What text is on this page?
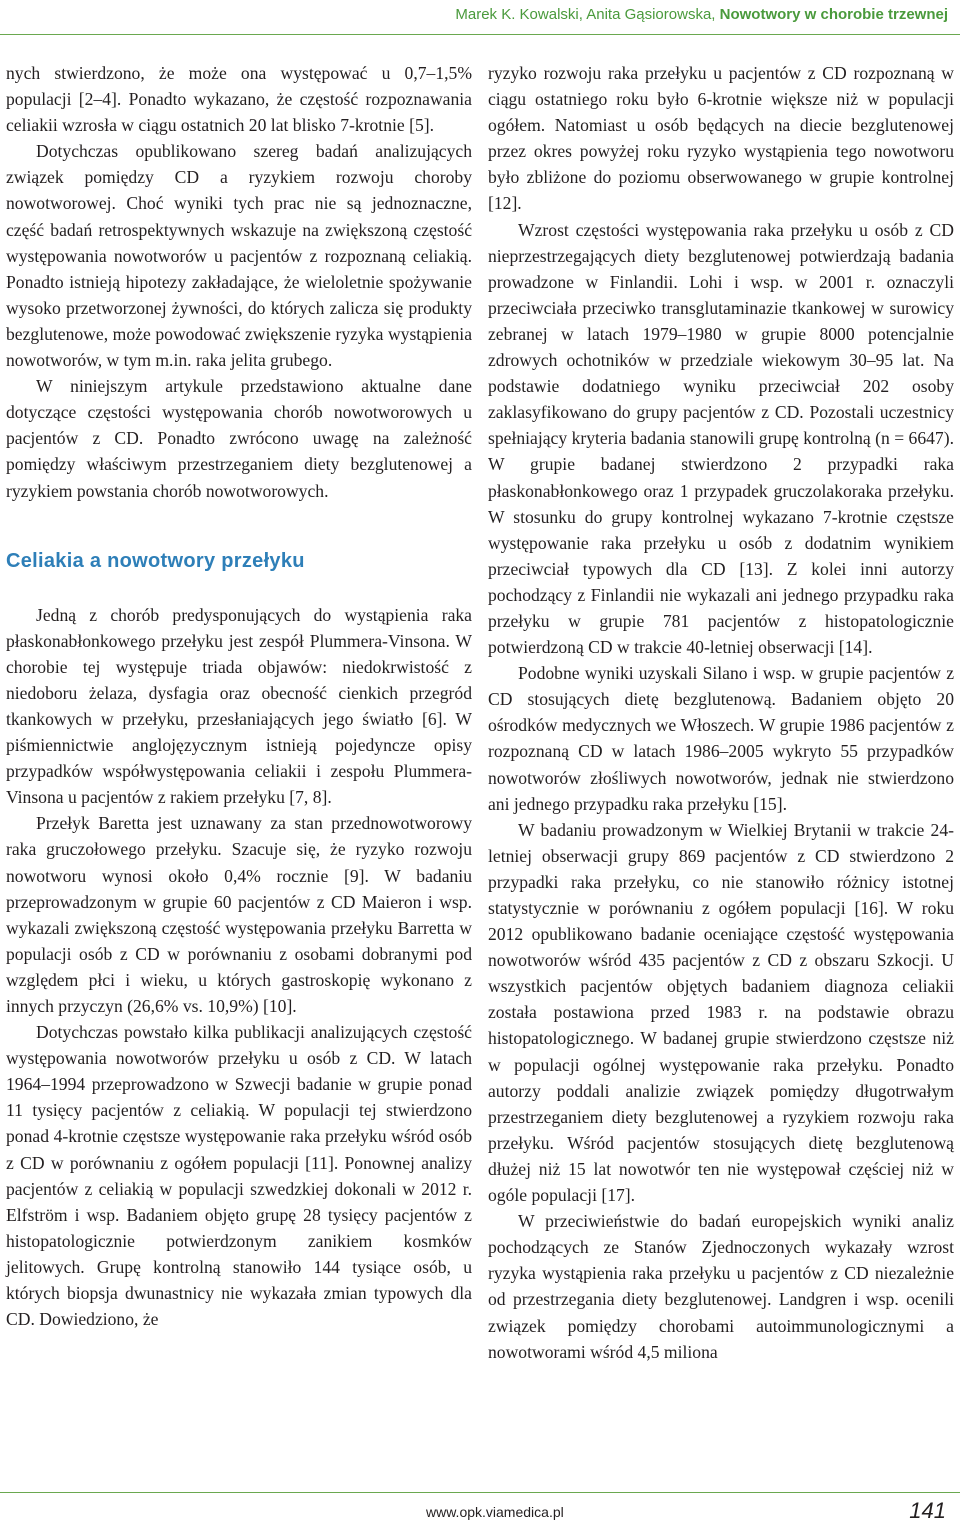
Marek K. Kowalski, Anita Gąsiorowska, Nowotwory w chorobie trzewnej

nych stwierdzono, że może ona występować u 0,7–1,5% populacji [2–4]. Ponadto wykazano, że częstość rozpoznawania celiakii wzrosła w ciągu ostatnich 20 lat blisko 7-krotnie [5].

Dotychczas opublikowano szereg badań analizujących związek pomiędzy CD a ryzykiem rozwoju choroby nowotworowej. Choć wyniki tych prac nie są jednoznaczne, część badań retrospektywnych wskazuje na zwiększoną częstość występowania nowotworów u pacjentów z rozpoznaną celiakią. Ponadto istnieją hipotezy zakładające, że wieloletnie spożywanie wysoko przetworzonej żywności, do których zalicza się produkty bezglutenowe, może powodować zwiększenie ryzyka wystąpienia nowotworów, w tym m.in. raka jelita grubego.

W niniejszym artykule przedstawiono aktualne dane dotyczące częstości występowania chorób nowotworowych u pacjentów z CD. Ponadto zwrócono uwagę na zależność pomiędzy właściwym przestrzeganiem diety bezglutenowej a ryzykiem powstania chorób nowotworowych.

Celiakia a nowotwory przełyku

Jedną z chorób predysponujących do wystąpienia raka płaskonabłonkowego przełyku jest zespół Plummera-Vinsona. W chorobie tej występuje triada objawów: niedokrwistość z niedoboru żelaza, dysfagia oraz obecność cienkich przegród tkankowych w przełyku, przesłaniających jego światło [6]. W piśmiennictwie anglojęzycznym istnieją pojedyncze opisy przypadków współwystępowania celiakii i zespołu Plummera-Vinsona u pacjentów z rakiem przełyku [7, 8].

Przełyk Baretta jest uznawany za stan przednowotworowy raka gruczołowego przełyku. Szacuje się, że ryzyko rozwoju nowotworu wynosi około 0,4% rocznie [9]. W badaniu przeprowadzonym w grupie 60 pacjentów z CD Maieron i wsp. wykazali zwiększoną częstość występowania przełyku Barretta w populacji osób z CD w porównaniu z osobami dobranymi pod względem płci i wieku, u których gastroskopię wykonano z innych przyczyn (26,6% vs. 10,9%) [10].

Dotychczas powstało kilka publikacji analizujących częstość występowania nowotworów przełyku u osób z CD. W latach 1964–1994 przeprowadzono w Szwecji badanie w grupie ponad 11 tysięcy pacjentów z celiakią. W populacji tej stwierdzono ponad 4-krotnie częstsze występowanie raka przełyku wśród osób z CD w porównaniu z ogółem populacji [11]. Ponownej analizy pacjentów z celiakią w populacji szwedzkiej dokonali w 2012 r. Elfström i wsp. Badaniem objęto grupę 28 tysięcy pacjentów z histopatologicznie potwierdzonym zanikiem kosmków jelitowych. Grupę kontrolną stanowiło 144 tysiące osób, u których biopsja dwunastnicy nie wykazała zmian typowych dla CD. Dowiedziono, że

ryzyko rozwoju raka przełyku u pacjentów z CD rozpoznaną w ciągu ostatniego roku było 6-krotnie większe niż w populacji ogółem. Natomiast u osób będących na diecie bezglutenowej przez okres powyżej roku ryzyko wystąpienia tego nowotworu było zbliżone do poziomu obserwowanego w grupie kontrolnej [12].

Wzrost częstości występowania raka przełyku u osób z CD nieprzestrzegających diety bezglutenowej potwierdzają badania prowadzone w Finlandii. Lohi i wsp. w 2001 r. oznaczyli przeciwciała przeciwko transglutaminazie tkankowej w surowicy zebranej w latach 1979–1980 w grupie 8000 potencjalnie zdrowych ochotników w przedziale wiekowym 30–95 lat. Na podstawie dodatniego wyniku przeciwciał 202 osoby zaklasyfikowano do grupy pacjentów z CD. Pozostali uczestnicy spełniający kryteria badania stanowili grupę kontrolną (n = 6647). W grupie badanej stwierdzono 2 przypadki raka płaskonabłonkowego oraz 1 przypadek gruczolakoraka przełyku. W stosunku do grupy kontrolnej wykazano 7-krotnie częstsze występowanie raka przełyku u osób z dodatnim wynikiem przeciwciał typowych dla CD [13]. Z kolei inni autorzy pochodzący z Finlandii nie wykazali ani jednego przypadku raka przełyku w grupie 781 pacjentów z histopatologicznie potwierdzoną CD w trakcie 40-letniej obserwacji [14].

Podobne wyniki uzyskali Silano i wsp. w grupie pacjentów z CD stosujących dietę bezglutenową. Badaniem objęto 20 ośrodków medycznych we Włoszech. W grupie 1986 pacjentów z rozpoznaną CD w latach 1986–2005 wykryto 55 przypadków nowotworów złośliwych nowotworów, jednak nie stwierdzono ani jednego przypadku raka przełyku [15].

W badaniu prowadzonym w Wielkiej Brytanii w trakcie 24-letniej obserwacji grupy 869 pacjentów z CD stwierdzono 2 przypadki raka przełyku, co nie stanowiło różnicy istotnej statystycznie w porównaniu z ogółem populacji [16]. W roku 2012 opublikowano badanie oceniające częstość występowania nowotworów wśród 435 pacjentów z CD z obszaru Szkocji. U wszystkich pacjentów objętych badaniem diagnoza celiakii została postawiona przed 1983 r. na podstawie obrazu histopatologicznego. W badanej grupie stwierdzono częstsze niż w populacji ogólnej występowanie raka przełyku. Ponadto autorzy poddali analizie związek pomiędzy długotrwałym przestrzeganiem diety bezglutenowej a ryzykiem rozwoju raka przełyku. Wśród pacjentów stosujących dietę bezglutenową dłużej niż 15 lat nowotwór ten nie występował częściej niż w ogóle populacji [17].

W przeciwieństwie do badań europejskich wyniki analiz pochodzących ze Stanów Zjednoczonych wykazały wzrost ryzyka wystąpienia raka przełyku u pacjentów z CD niezależnie od przestrzegania diety bezglutenowej. Landgren i wsp. ocenili związek pomiędzy chorobami autoimmunologicznymi a nowotworami wśród 4,5 miliona

www.opk.viamedica.pl	141
